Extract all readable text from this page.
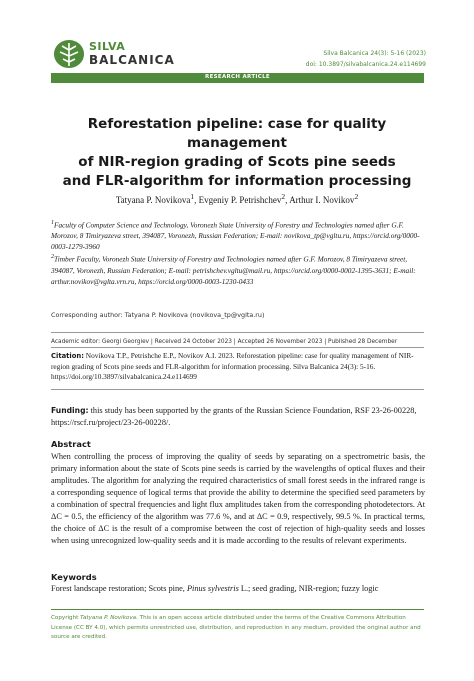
SILVA
BALCANICA	Silva Balcanica 24(3): 5-16 (2023)
doi: 10.3897/silvabalcanica.24.e114699
RESEARCH ARTICLE
Reforestation pipeline: case for quality management
of NIR-region grading of Scots pine seeds
and FLR-algorithm for information processing
Tatyana P. Novikova$^1$, Evgeniy P. Petrishchev$^2$, Arthur I. Novikov$^2$

$^1$Faculty of Computer Science and Technology, Voronezh State University of Forestry and Technologies named after G.F. Morozov, 8 Timiryazeva street, 394087, Voronezh, Russian Federation; E-mail: novikova_tp@vgltu.ru, https://orcid.org/0000-0003-1279-3960

$^2$Timber Faculty, Voronezh State University of Forestry and Technologies named after G.F. Morozov, 8 Timiryazeva street, 394087, Voronezh, Russian Federation; E-mail: petrishchev.vgltu@mail.ru, https://orcid.org/0000-0002-1395-3631; E-mail: arthur.novikov@vglta.vrn.ru, https://orcid.org/0000-0003-1230-0433

Corresponding author: Tatyana P. Novikova (novikova_tp@vglta.ru)
Academic editor: Georgi Georgiev | Received 24 October 2023 | Accepted 26 November 2023 | Published 28 December
Citation: Novikova T.P., Petrishche E.P., Novikov A.I. 2023. Reforestation pipeline: case for quality management of NIR-region grading of Scots pine seeds and FLR-algorithm for information processing. Silva Balcanica 24(3): 5-16. https://doi.org/10.3897/silvabalcanica.24.e114699
Funding: this study has been supported by the grants of the Russian Science Foundation, RSF 23-26-00228, https://rscf.ru/project/23-26-00228/.
Abstract
When controlling the process of improving the quality of seeds by separating on a spectrometric basis, the primary information about the state of Scots pine seeds is carried by the wavelengths of optical fluxes and their amplitudes. The algorithm for analyzing the required characteristics of small forest seeds in the infrared range is a corresponding sequence of logical terms that provide the ability to determine the specified seed parameters by a combination of spectral frequencies and light flux amplitudes taken from the corresponding photodetectors. At ΔC = 0.5, the efficiency of the algorithm was 77.6 %, and at ΔC = 0.9, respectively, 99.5 %. In practical terms, the choice of ΔC is the result of a compromise between the cost of rejection of high-quality seeds and losses when using unrecognized low-quality seeds and it is made according to the results of relevant experiments.
Keywords
Forest landscape restoration; Scots pine, Pinus sylvestris L.; seed grading, NIR-region; fuzzy logic
Copyright Tatyana P. Novikova. This is an open access article distributed under the terms of the Creative Commons Attribution License (CC BY 4.0), which permits unrestricted use, distribution, and reproduction in any medium, provided the original author and source are credited.
